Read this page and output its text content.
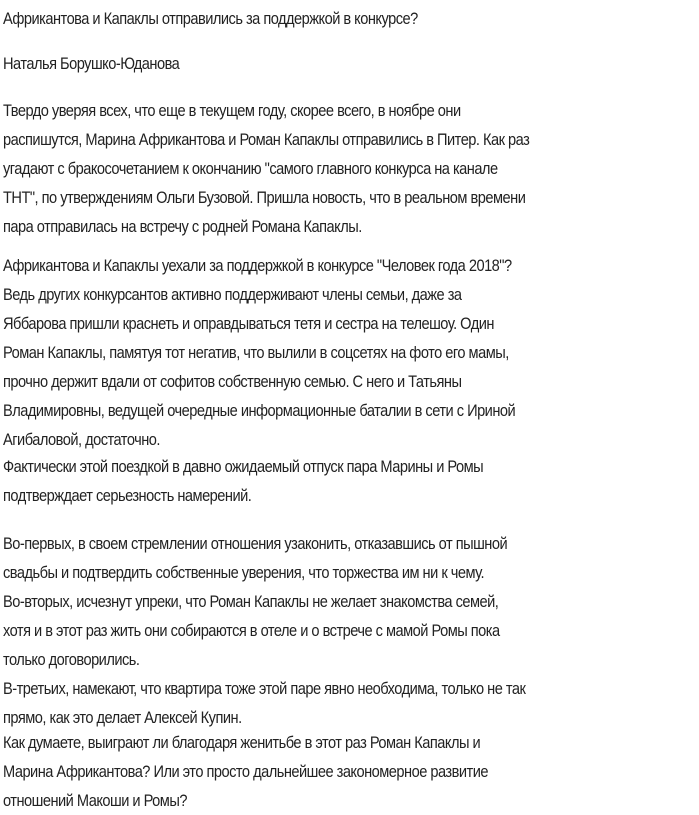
Африкантова и Капаклы отправились за поддержкой в конкурсе?
Наталья Борушко-Юданова
Твердо уверяя всех, что еще в текущем году, скорее всего, в ноябре они
распишутся, Марина Африкантова и Роман Капаклы отправились в Питер. Как раз
угадают с бракосочетанием к окончанию "самого главного конкурса на канале
ТНТ", по утверждениям Ольги Бузовой. Пришла новость, что в реальном времени
пара отправилась на встречу с родней Романа Капаклы.
Африкантова и Капаклы уехали за поддержкой в конкурсе "Человек года 2018"?
Ведь других конкурсантов активно поддерживают члены семьи, даже за
Яббарова пришли краснеть и оправдываться тетя и сестра на телешоу. Один
Роман Капаклы, памятуя тот негатив, что вылили в соцсетях на фото его мамы,
прочно держит вдали от софитов собственную семью. С него и Татьяны
Владимировны, ведущей очередные информационные баталии в сети с Ириной
Агибаловой, достаточно.
Фактически этой поездкой в давно ожидаемый отпуск пара Марины и Ромы
подтверждает серьезность намерений.
Во-первых, в своем стремлении отношения узаконить, отказавшись от пышной
свадьбы и подтвердить собственные уверения, что торжества им ни к чему.
Во-вторых, исчезнут упреки, что Роман Капаклы не желает знакомства семей,
хотя и в этот раз жить они собираются в отеле и о встрече с мамой Ромы пока
только договорились.
В-третьих, намекают, что квартира тоже этой паре явно необходима, только не так
прямо, как это делает Алексей Купин.
Как думаете, выиграют ли благодаря женитьбе в этот раз Роман Капаклы и
Марина Африкантова? Или это просто дальнейшее закономерное развитие
отношений Макоши и Ромы?
